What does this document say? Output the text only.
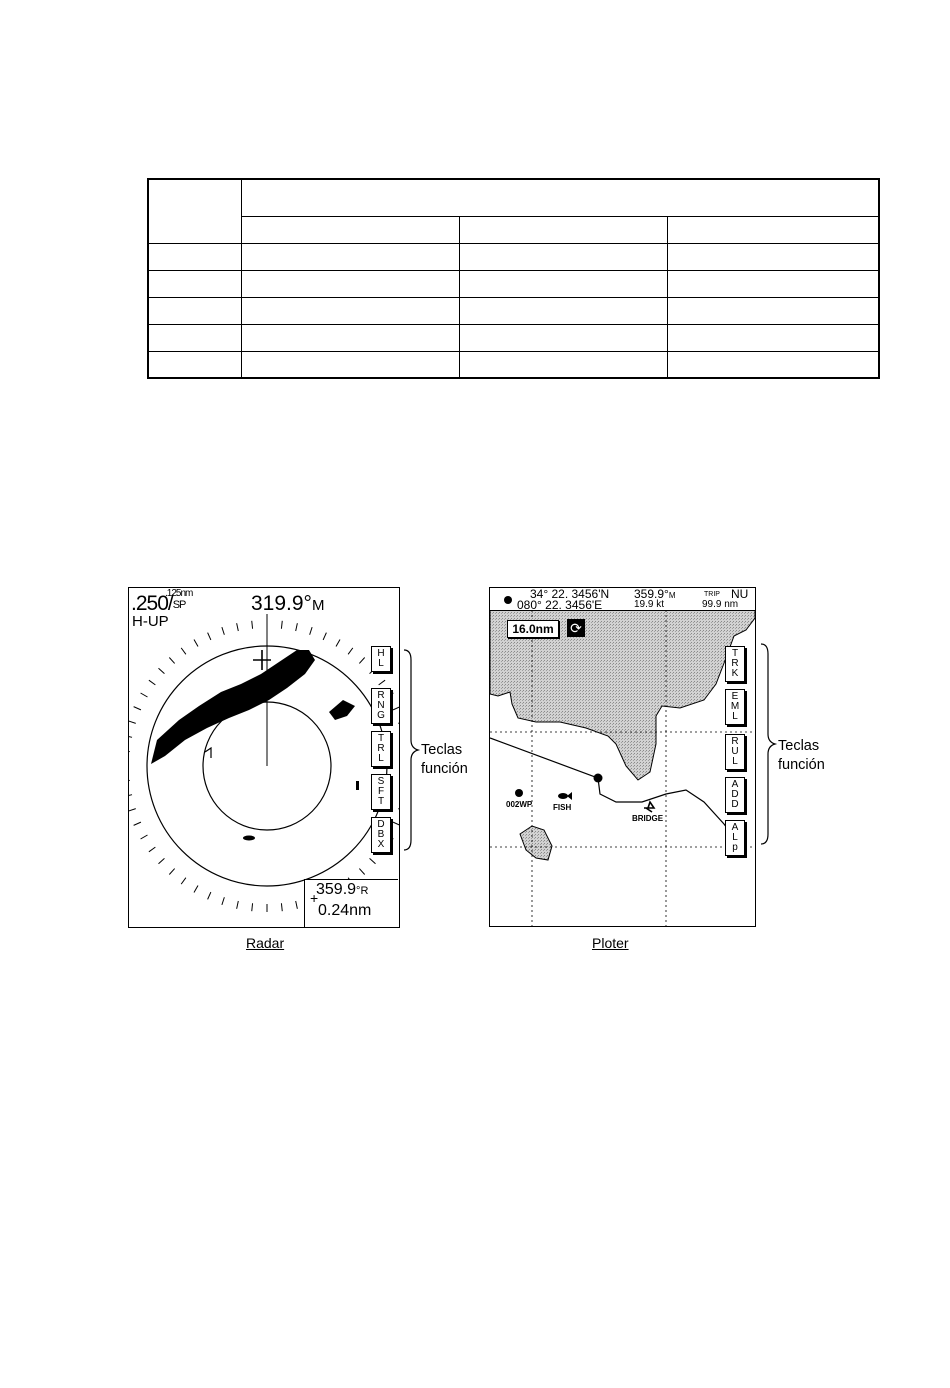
.250/SP
.125nm
H-UP
319.9°M
H
L
R
N
G
T
R
L
S
F
T
D
B
X
+
359.9°R
0.24nm
Teclas
función
Radar
34° 22. 3456'N
080° 22. 3456'E
359.9°M
19.9 kt
TRIP NU
99.9 nm
16.0nm	⟳
002WP	FISH
BRIDGE
T
R
K
E
M
L
R
U
L
A
D
D
A
L
p
Teclas
función
Ploter
